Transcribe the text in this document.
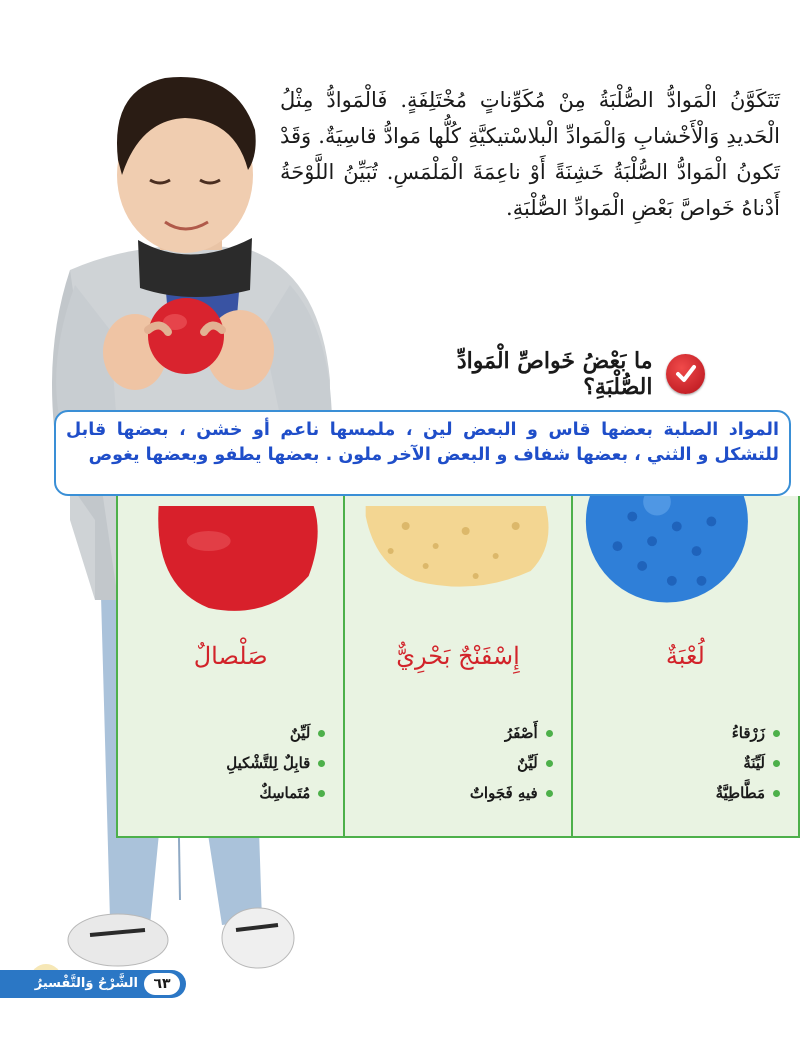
تَتَكَوَّنُ الْمَوادُّ الصُّلْبَةُ مِنْ مُكَوِّناتٍ مُخْتَلِفَةٍ. فَالْمَوادُّ مِثْلُ الْحَديدِ وَالْأَخْشابِ وَالْمَوادِّ الْبلاسْتيكيَّةِ كُلُّها مَوادُّ قاسِيَةٌ. وَقَدْ تَكونُ الْمَوادُّ الصُّلْبَةُ خَشِنَةً أَوْ ناعِمَةَ الْمَلْمَسِ. تُبَيِّنُ اللَّوْحَةُ أَدْناهُ خَواصَّ بَعْضِ الْمَوادِّ الصُّلْبَةِ.

ما بَعْضُ خَواصِّ الْمَوادِّ الصُّلْبَةِ؟
المواد الصلبة بعضها قاس و البعض لين ، ملمسها ناعم أو خشن ، بعضها قابل للتشكل و الثني ، بعضها شفاف و البعض الآخر ملون . بعضها يطفو وبعضها يغوص
لُعْبَةٌ
زَرْقاءُ
لَيِّنَةٌ
مَطَّاطِيَّةٌ
إِسْفَنْجٌ بَحْرِيٌّ
أَصْفَرُ
لَيِّنٌ
فيهِ فَجَواتٌ
صَلْصالٌ
لَيِّنٌ
قابِلٌ لِلتَّشْكيلِ
مُتَماسِكٌ
الشَّرْحُ وَالتَّفْسيرُ	٦٣
